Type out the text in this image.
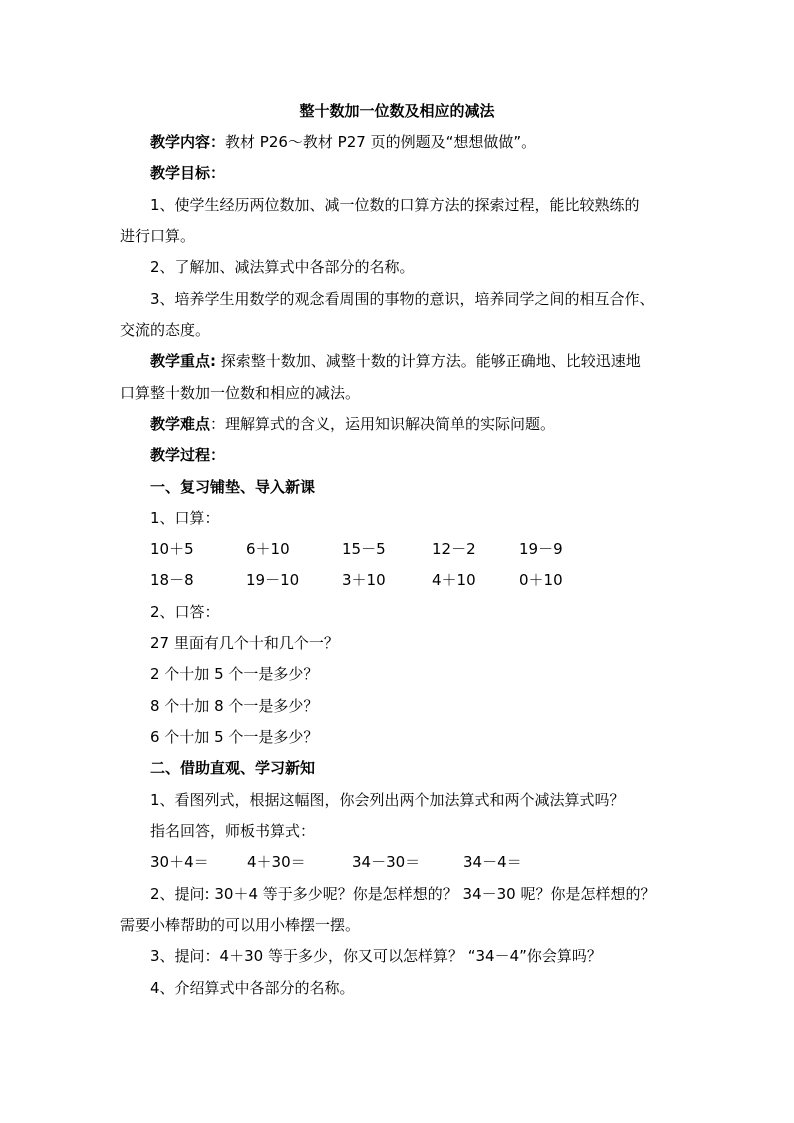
整十数加一位数及相应的减法
教学内容：教材 P26～教材 P27 页的例题及“想想做做”。
教学目标：
1、使学生经历两位数加、减一位数的口算方法的探索过程，能比较熟练的
进行口算。
2、了解加、减法算式中各部分的名称。
3、培养学生用数学的观念看周围的事物的意识，培养同学之间的相互合作、
交流的态度。
教学重点: 探索整十数加、减整十数的计算方法。能够正确地、比较迅速地
口算整十数加一位数和相应的减法。
教学难点：理解算式的含义，运用知识解决简单的实际问题。
教学过程：
一、复习铺垫、导入新课
1、口算：
10＋5	6＋10	15－5	12－2	19－9
18－8	19－10	3＋10	4＋10	0＋10
2、口答：
27 里面有几个十和几个一？
2 个十加 5 个一是多少？
8 个十加 8 个一是多少？
6 个十加 5 个一是多少？
二、借助直观、学习新知
1、看图列式，根据这幅图，你会列出两个加法算式和两个减法算式吗？
指名回答，师板书算式：
30＋4＝	4＋30＝	34－30＝	34－4＝
2、提问: 30＋4 等于多少呢？你是怎样想的？ 34－30 呢？你是怎样想的？
需要小棒帮助的可以用小棒摆一摆。
3、提问：4＋30 等于多少，你又可以怎样算？ “34－4”你会算吗？
4、介绍算式中各部分的名称。
